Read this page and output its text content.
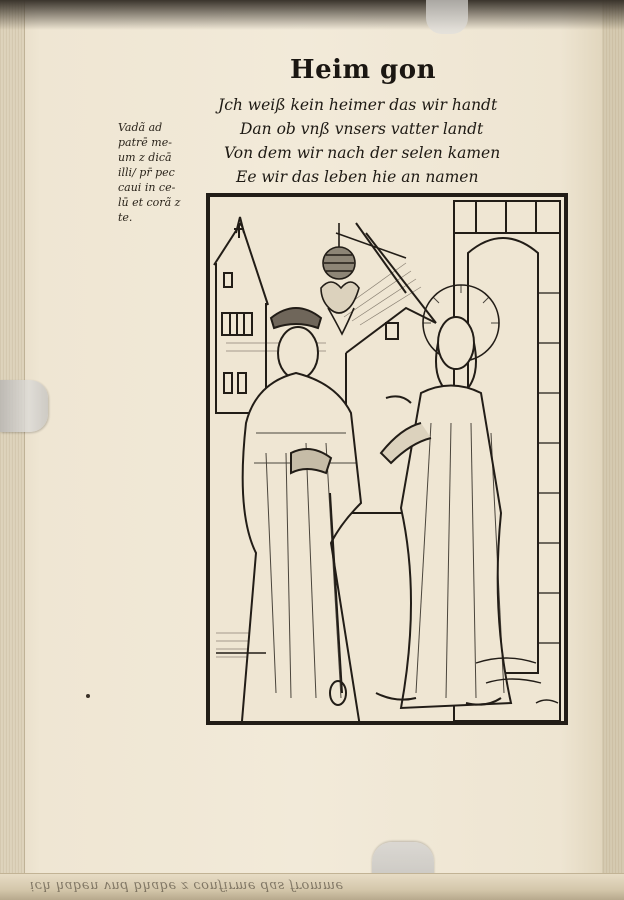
Heim gon
Jch weiß kein heimer das wir handt
Dan ob vnß vnsers vatter landt
Von dem wir nach der selen kamen
Ee wir das leben hie an namen
Vadã ad
patrē me-
um z dicā
illi/ pr̄ pec
caui in ce-
lū et corã z
te.
ich haben vnd bhabe z confirme das fromme
